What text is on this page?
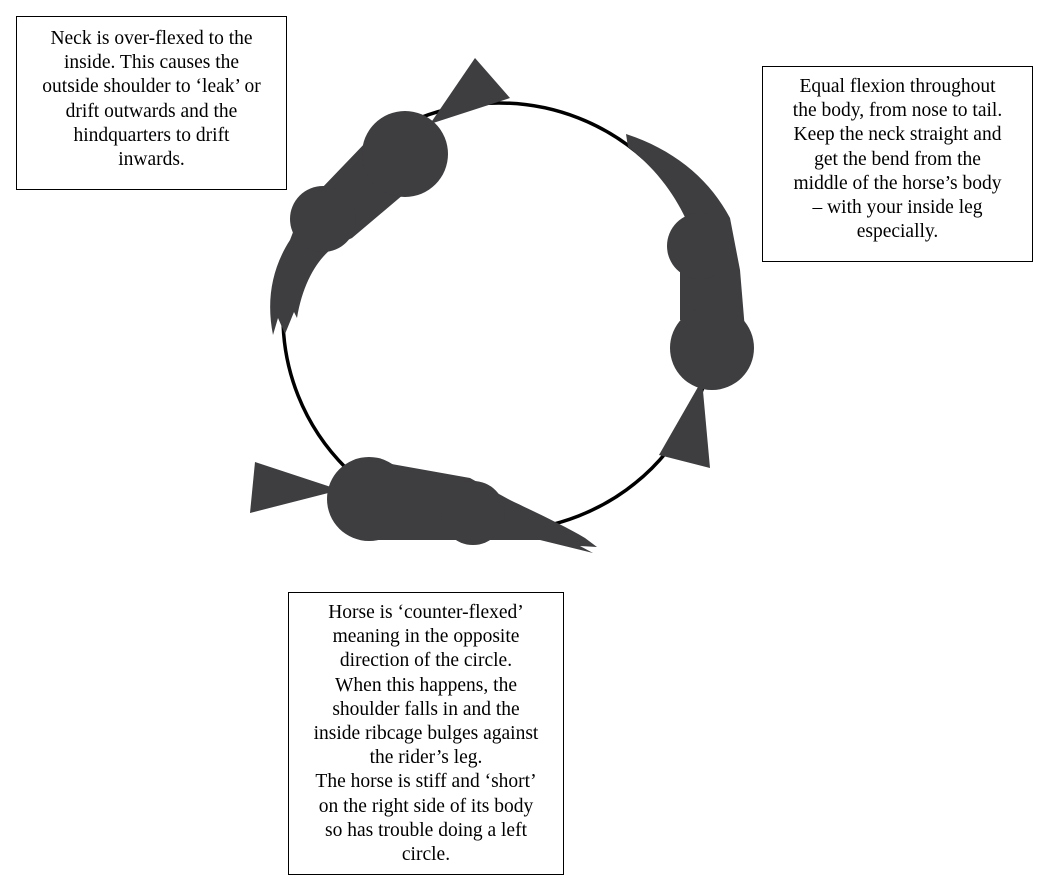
Neck is over-flexed to the
inside. This causes the
outside shoulder to ‘leak’ or
drift outwards and the
hindquarters to drift
inwards.
Equal flexion throughout
the body, from nose to tail.
Keep the neck straight and
get the bend from the
middle of the horse’s body
– with your inside leg
especially.
Horse is ‘counter-flexed’
meaning in the opposite
direction of the circle.
When this happens, the
shoulder falls in and the
inside ribcage bulges against
the rider’s leg.
The horse is stiff and ‘short’
on the right side of its body
so has trouble doing a left
circle.
